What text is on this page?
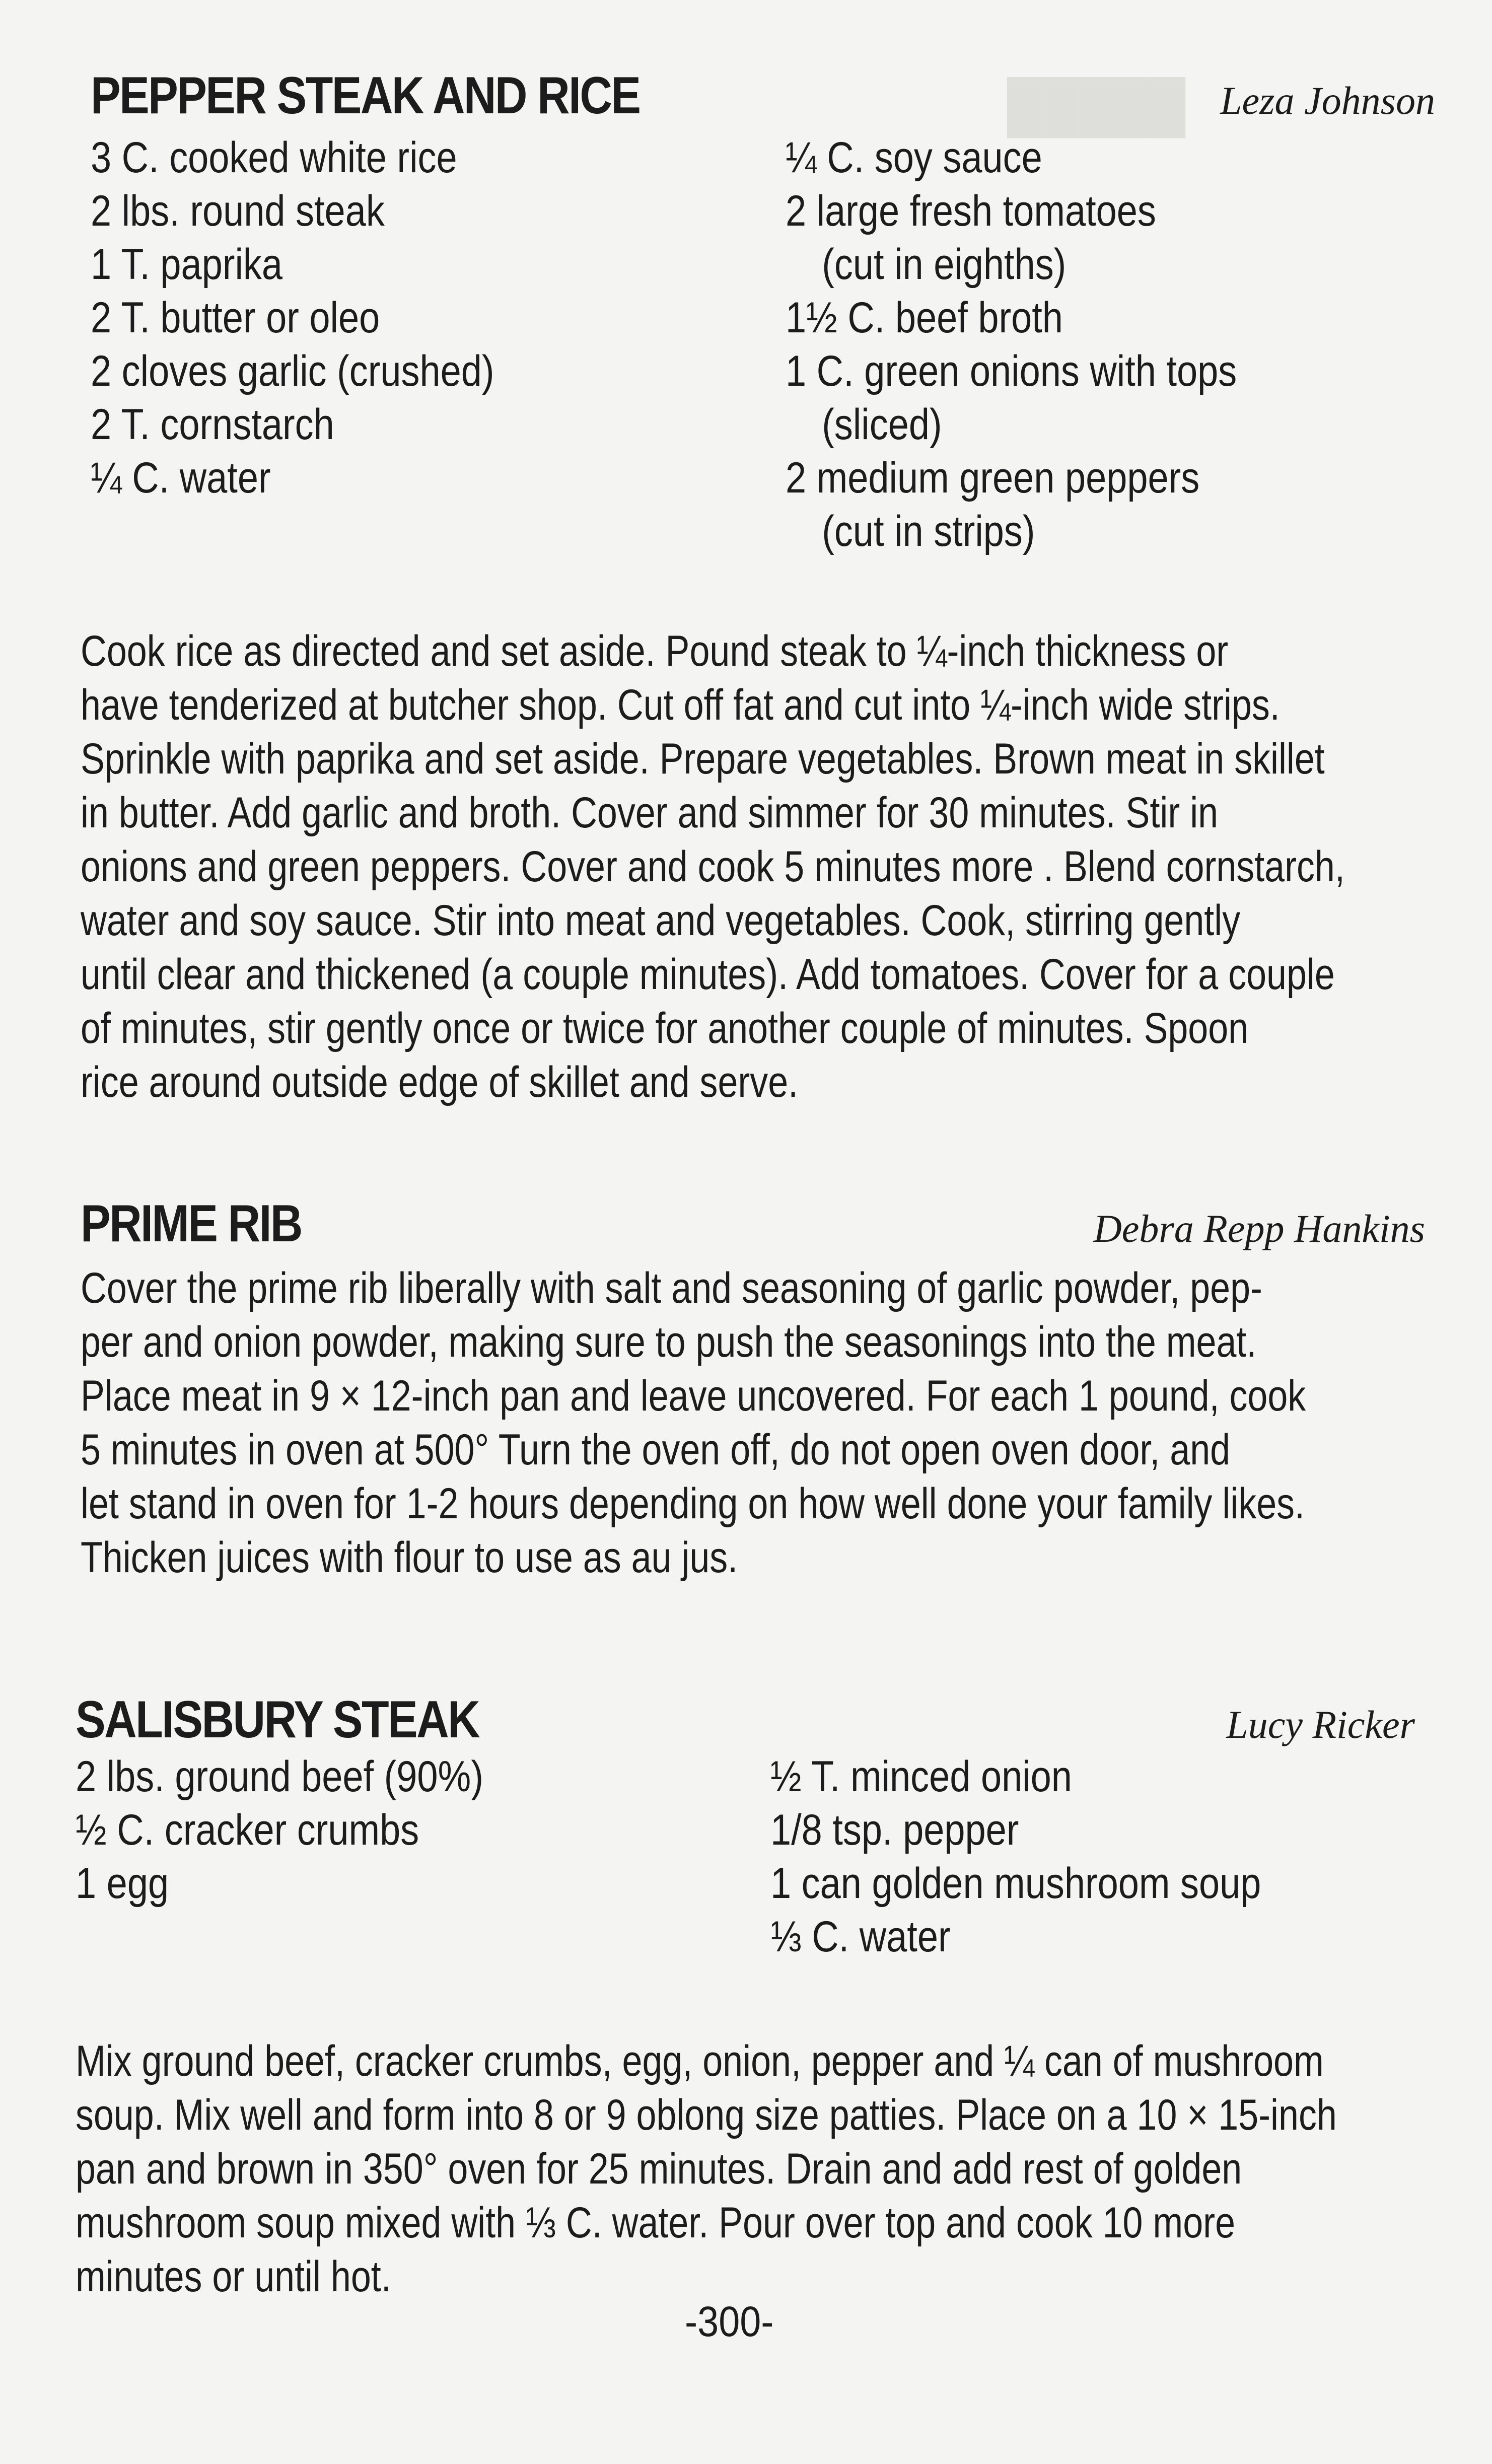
█████
PEPPER STEAK AND RICE	Leza Johnson
3 C. cooked white rice
2 lbs. round steak
1 T. paprika
2 T. butter or oleo
2 cloves garlic (crushed)
2 T. cornstarch
¼ C. water
¼ C. soy sauce
2 large fresh tomatoes
(cut in eighths)
1½ C. beef broth
1 C. green onions with tops
(sliced)
2 medium green peppers
(cut in strips)
Cook rice as directed and set aside. Pound steak to ¼-inch thickness or
have tenderized at butcher shop. Cut off fat and cut into ¼-inch wide strips.
Sprinkle with paprika and set aside. Prepare vegetables. Brown meat in skillet
in butter. Add garlic and broth. Cover and simmer for 30 minutes. Stir in
onions and green peppers. Cover and cook 5 minutes more . Blend cornstarch,
water and soy sauce. Stir into meat and vegetables. Cook, stirring gently
until clear and thickened (a couple minutes). Add tomatoes. Cover for a couple
of minutes, stir gently once or twice for another couple of minutes. Spoon
rice around outside edge of skillet and serve.
PRIME RIB	Debra Repp Hankins
Cover the prime rib liberally with salt and seasoning of garlic powder, pep-
per and onion powder, making sure to push the seasonings into the meat.
Place meat in 9 × 12-inch pan and leave uncovered. For each 1 pound, cook
5 minutes in oven at 500° Turn the oven off, do not open oven door, and
let stand in oven for 1-2 hours depending on how well done your family likes.
Thicken juices with flour to use as au jus.
SALISBURY STEAK	Lucy Ricker
2 lbs. ground beef (90%)
½ C. cracker crumbs
1 egg
½ T. minced onion
1/8 tsp. pepper
1 can golden mushroom soup
⅓ C. water
Mix ground beef, cracker crumbs, egg, onion, pepper and ¼ can of mushroom
soup. Mix well and form into 8 or 9 oblong size patties. Place on a 10 × 15-inch
pan and brown in 350° oven for 25 minutes. Drain and add rest of golden
mushroom soup mixed with ⅓ C. water. Pour over top and cook 10 more
minutes or until hot.
-300-
